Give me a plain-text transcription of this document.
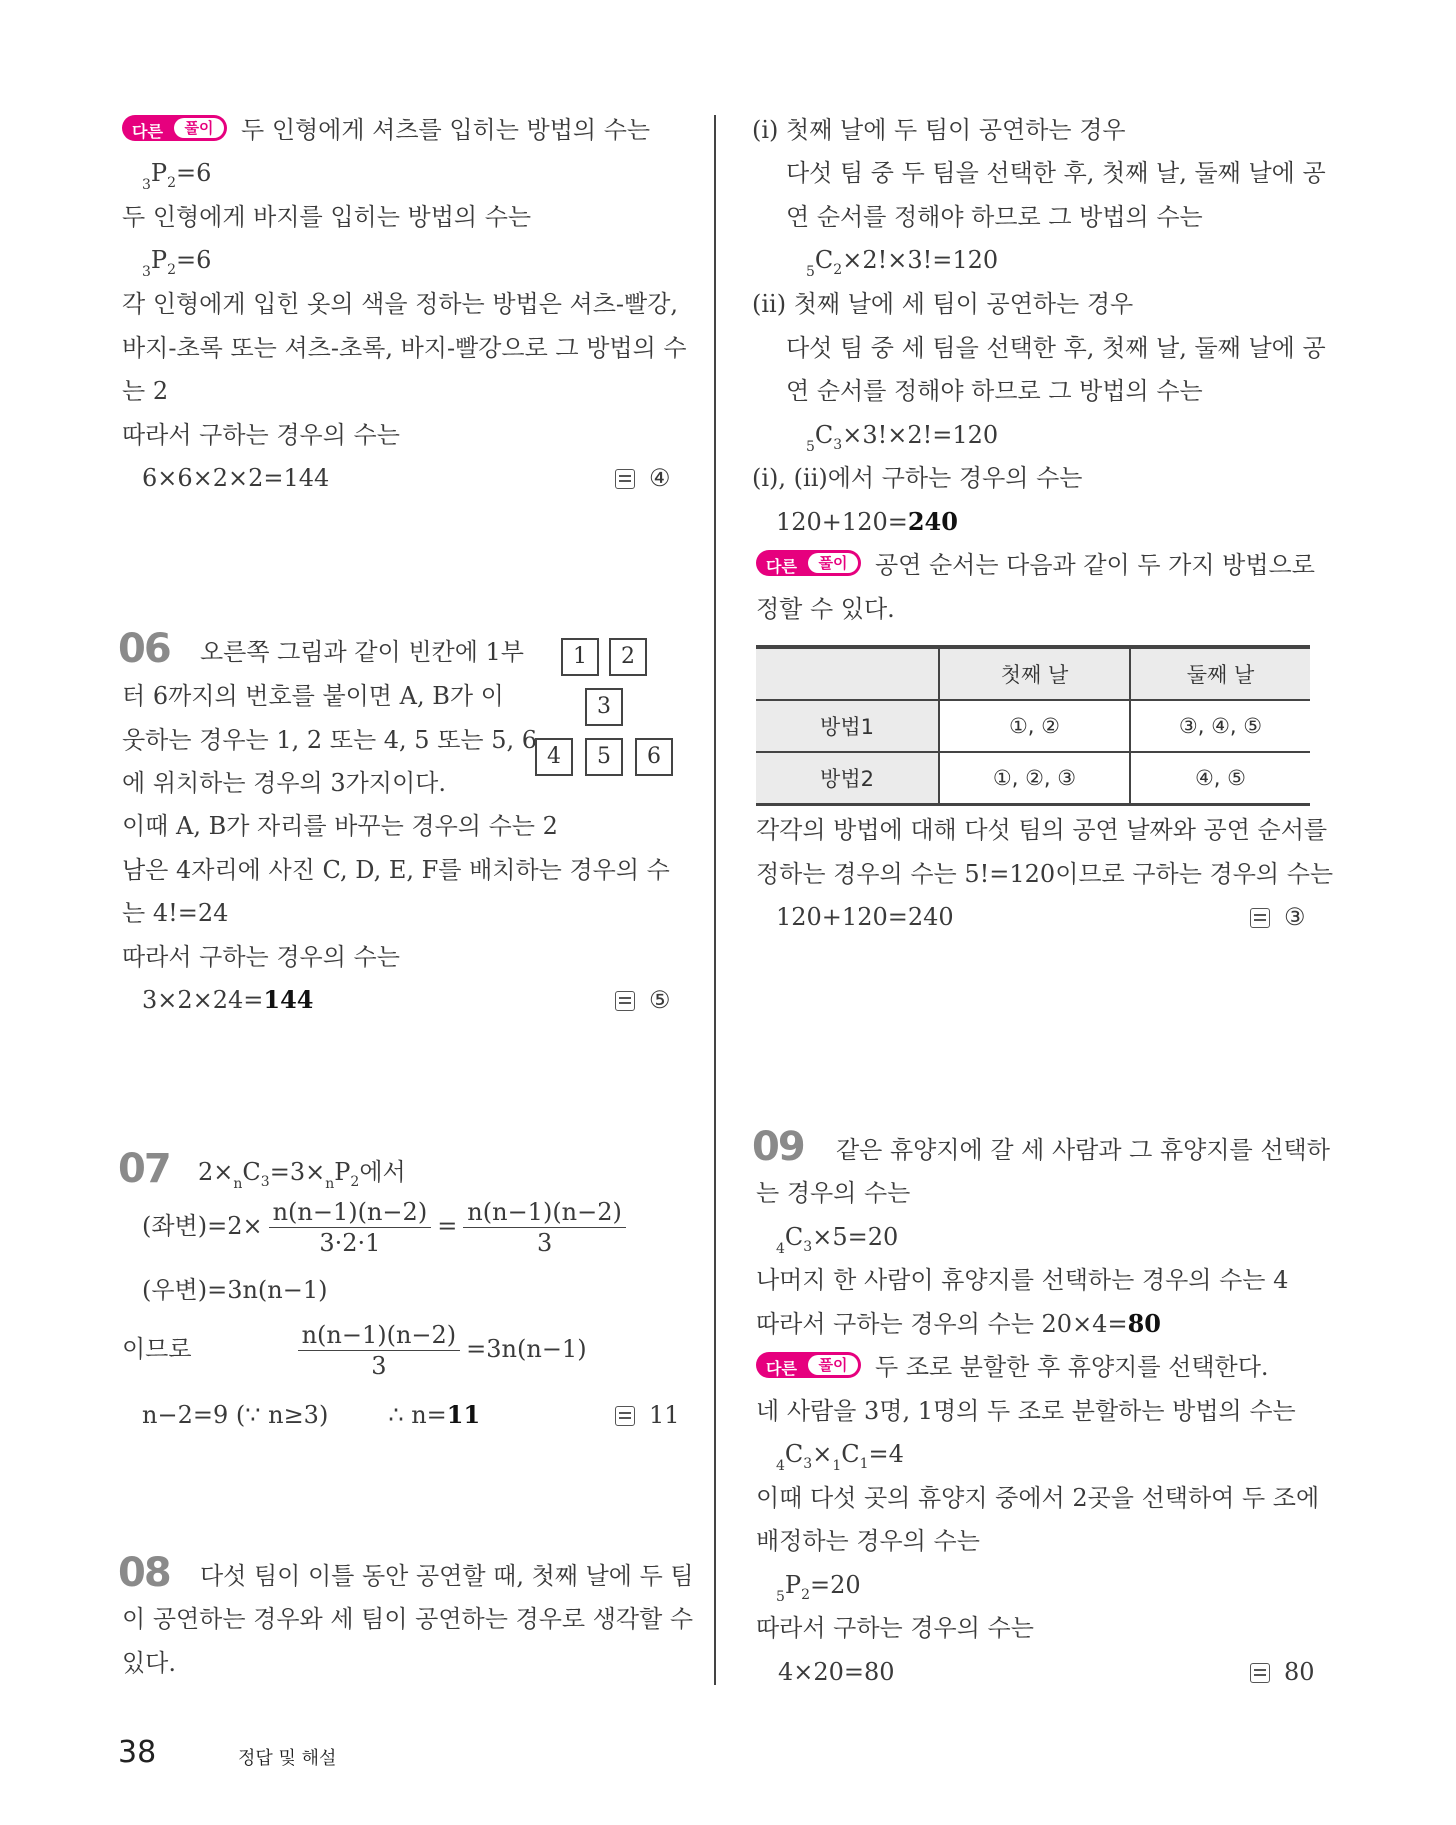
다른	풀이	두 인형에게 셔츠를 입히는 방법의 수는
$_3P_2=6$
두 인형에게 바지를 입히는 방법의 수는
$_3P_2=6$
각 인형에게 입힌 옷의 색을 정하는 방법은 셔츠-빨강,
바지-초록 또는 셔츠-초록, 바지-빨강으로 그 방법의 수
는 2
따라서 구하는 경우의 수는
6×6×2×2=144	④
06 오른쪽 그림과 같이 빈칸에 1부
터 6까지의 번호를 붙이면 A, B가 이
웃하는 경우는 1, 2 또는 4, 5 또는 5, 6
에 위치하는 경우의 3가지이다.
1	2
3
4	5	6
이때 A, B가 자리를 바꾸는 경우의 수는 2
남은 4자리에 사진 C, D, E, F를 배치하는 경우의 수
는 4!=24
따라서 구하는 경우의 수는
3×2×24=144	⑤
07 $2\times_nC_3=3\times_nP_2$에서
(좌변)$=2\times \frac{n(n-1)(n-2)}{3\cdot 2\cdot 1} = \frac{n(n-1)(n-2)}{3}$
(우변)=3n(n−1)
이므로	$\frac{n(n-1)(n-2)}{3} =3n(n-1)$
n−2=9 (∵ n≥3)	∴ n=11	11
08 다섯 팀이 이틀 동안 공연할 때, 첫째 날에 두 팀
이 공연하는 경우와 세 팀이 공연하는 경우로 생각할 수
있다.
(i) 첫째 날에 두 팀이 공연하는 경우
다섯 팀 중 두 팀을 선택한 후, 첫째 날, 둘째 날에 공
연 순서를 정해야 하므로 그 방법의 수는
$_5C_2\times 2!\times 3!=120$
(ii) 첫째 날에 세 팀이 공연하는 경우
다섯 팀 중 세 팀을 선택한 후, 첫째 날, 둘째 날에 공
연 순서를 정해야 하므로 그 방법의 수는
$_5C_3\times 3!\times 2!=120$
(i), (ii)에서 구하는 경우의 수는
120+120=240
다른	풀이	공연 순서는 다음과 같이 두 가지 방법으로
정할 수 있다.
	첫째 날	둘째 날
방법1	①, ②	③, ④, ⑤
방법2	①, ②, ③	④, ⑤
각각의 방법에 대해 다섯 팀의 공연 날짜와 공연 순서를
정하는 경우의 수는 5!=120이므로 구하는 경우의 수는
120+120=240	③
09 같은 휴양지에 갈 세 사람과 그 휴양지를 선택하
는 경우의 수는
$_4C_3\times 5=20$
나머지 한 사람이 휴양지를 선택하는 경우의 수는 4
따라서 구하는 경우의 수는 20×4=80
다른	풀이	두 조로 분할한 후 휴양지를 선택한다.
네 사람을 3명, 1명의 두 조로 분할하는 방법의 수는
$_4C_3\times_1C_1=4$
이때 다섯 곳의 휴양지 중에서 2곳을 선택하여 두 조에
배정하는 경우의 수는
$_5P_2=20$
따라서 구하는 경우의 수는
4×20=80	80
38	정답 및 해설
